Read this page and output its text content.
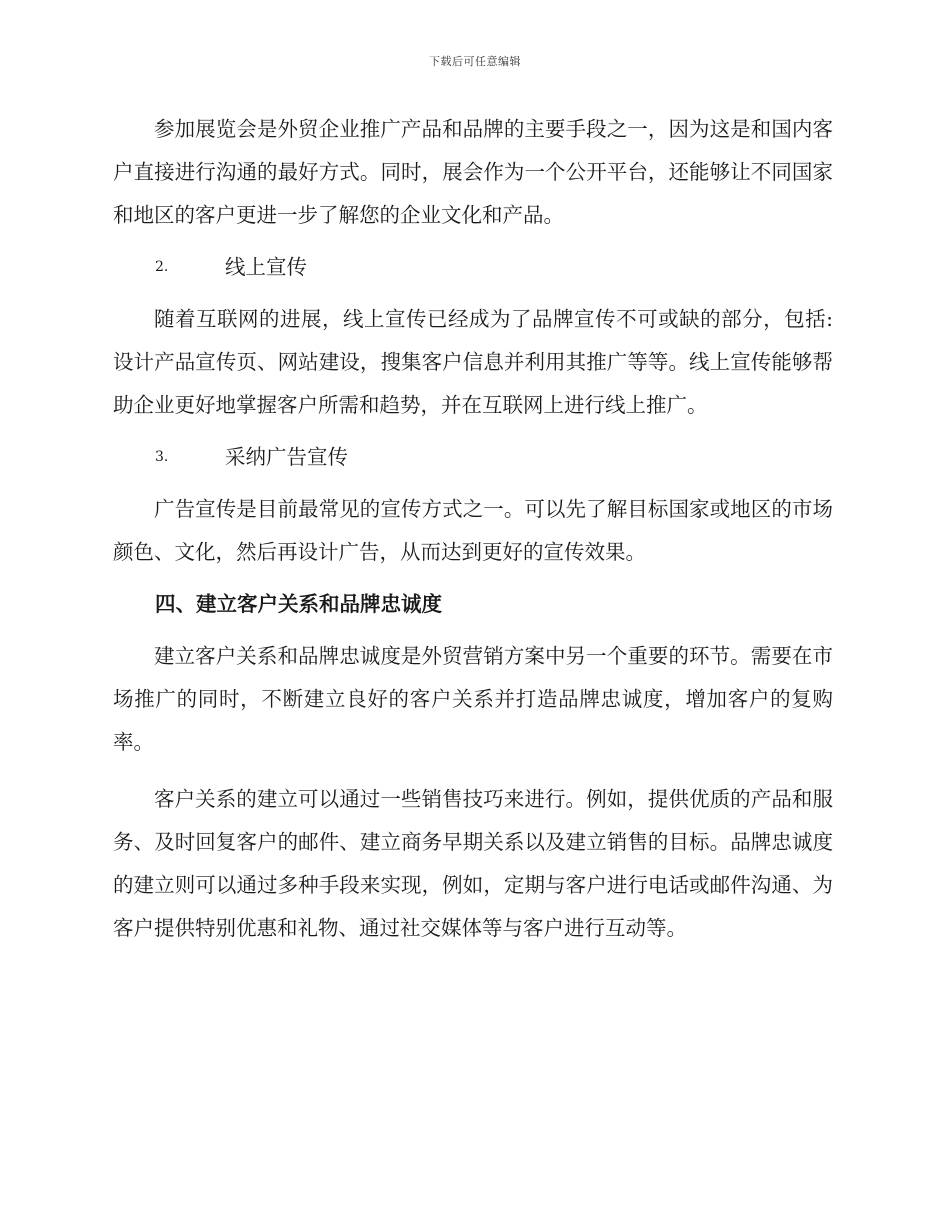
下载后可任意编辑

参加展览会是外贸企业推广产品和品牌的主要手段之一，因为这是和国内客户直接进行沟通的最好方式。同时，展会作为一个公开平台，还能够让不同国家和地区的客户更进一步了解您的企业文化和产品。

2.	线上宣传

随着互联网的进展，线上宣传已经成为了品牌宣传不可或缺的部分，包括:设计产品宣传页、网站建设，搜集客户信息并利用其推广等等。线上宣传能够帮助企业更好地掌握客户所需和趋势，并在互联网上进行线上推广。

3.	采纳广告宣传

广告宣传是目前最常见的宣传方式之一。可以先了解目标国家或地区的市场颜色、文化，然后再设计广告，从而达到更好的宣传效果。

四、建立客户关系和品牌忠诚度

建立客户关系和品牌忠诚度是外贸营销方案中另一个重要的环节。需要在市场推广的同时，不断建立良好的客户关系并打造品牌忠诚度，增加客户的复购率。

客户关系的建立可以通过一些销售技巧来进行。例如，提供优质的产品和服务、及时回复客户的邮件、建立商务早期关系以及建立销售的目标。品牌忠诚度的建立则可以通过多种手段来实现，例如，定期与客户进行电话或邮件沟通、为客户提供特别优惠和礼物、通过社交媒体等与客户进行互动等。
